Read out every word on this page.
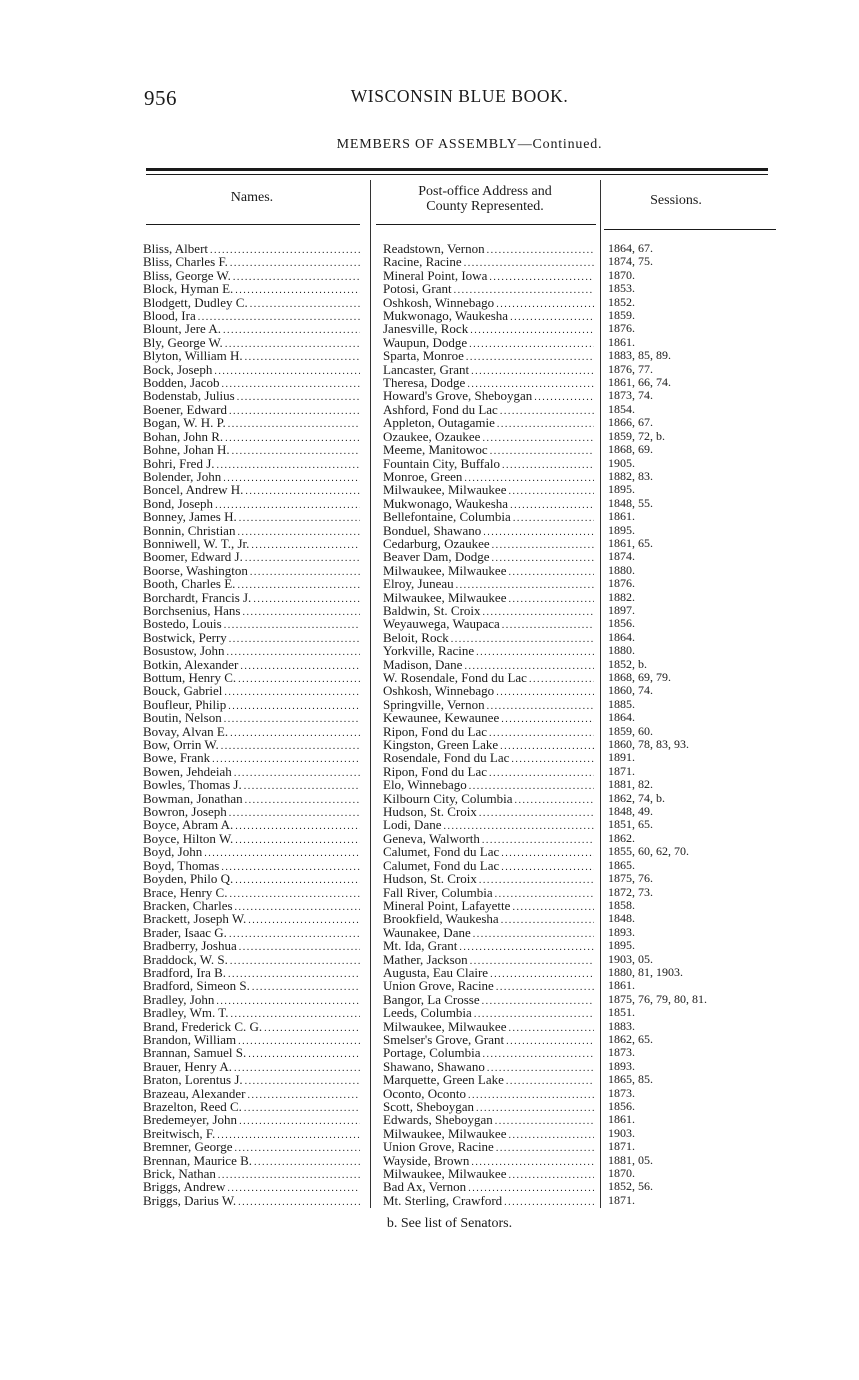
956	WISCONSIN BLUE BOOK.
MEMBERS OF ASSEMBLY—Continued.
Names.	Post-office Address and
County Represented.	Sessions.
Bliss, Albert . . .	Readstown, Vernon . . .	1864, 67.
Bliss, Charles F. . . .	Racine, Racine . . .	1874, 75.
Bliss, George W. . . .	Mineral Point, Iowa . . .	1870.
Block, Hyman E. . . .	Potosi, Grant . . .	1853.
Blodgett, Dudley C. . . .	Oshkosh, Winnebago . . .	1852.
Blood, Ira . . .	Mukwonago, Waukesha . . .	1859.
Blount, Jere A. . . .	Janesville, Rock . . .	1876.
Bly, George W. . . .	Waupun, Dodge . . .	1861.
Blyton, William H. . . .	Sparta, Monroe . . .	1883, 85, 89.
Bock, Joseph . . .	Lancaster, Grant . . .	1876, 77.
Bodden, Jacob . . .	Theresa, Dodge . . .	1861, 66, 74.
Bodenstab, Julius . . .	Howard's Grove, Sheboygan . . .	1873, 74.
Boener, Edward . . .	Ashford, Fond du Lac . . .	1854.
Bogan, W. H. P. . . .	Appleton, Outagamie . . .	1866, 67.
Bohan, John R. . . .	Ozaukee, Ozaukee . . .	1859, 72, b.
Bohne, Johan H. . . .	Meeme, Manitowoc . . .	1868, 69.
Bohri, Fred J. . . .	Fountain City, Buffalo . . .	1905.
Bolender, John . . .	Monroe, Green . . .	1882, 83.
Boncel, Andrew H. . . .	Milwaukee, Milwaukee . . .	1895.
Bond, Joseph . . .	Mukwonago, Waukesha . . .	1848, 55.
Bonney, James H. . . .	Bellefontaine, Columbia . . .	1861.
Bonnin, Christian . . .	Bonduel, Shawano . . .	1895.
Bonniwell, W. T., Jr. . . .	Cedarburg, Ozaukee . . .	1861, 65.
Boomer, Edward J. . . .	Beaver Dam, Dodge . . .	1874.
Boorse, Washington . . .	Milwaukee, Milwaukee . . .	1880.
Booth, Charles E. . . .	Elroy, Juneau . . .	1876.
Borchardt, Francis J. . . .	Milwaukee, Milwaukee . . .	1882.
Borchsenius, Hans . . .	Baldwin, St. Croix . . .	1897.
Bostedo, Louis . . .	Weyauwega, Waupaca . . .	1856.
Bostwick, Perry . . .	Beloit, Rock . . .	1864.
Bosustow, John . . .	Yorkville, Racine . . .	1880.
Botkin, Alexander . . .	Madison, Dane . . .	1852, b.
Bottum, Henry C. . . .	W. Rosendale, Fond du Lac . . .	1868, 69, 79.
Bouck, Gabriel . . .	Oshkosh, Winnebago . . .	1860, 74.
Boufleur, Philip . . .	Springville, Vernon . . .	1885.
Boutin, Nelson . . .	Kewaunee, Kewaunee . . .	1864.
Bovay, Alvan E. . . .	Ripon, Fond du Lac . . .	1859, 60.
Bow, Orrin W. . . .	Kingston, Green Lake . . .	1860, 78, 83, 93.
Bowe, Frank . . .	Rosendale, Fond du Lac . . .	1891.
Bowen, Jehdeiah . . .	Ripon, Fond du Lac . . .	1871.
Bowles, Thomas J. . . .	Elo, Winnebago . . .	1881, 82.
Bowman, Jonathan . . .	Kilbourn City, Columbia . . .	1862, 74, b.
Bowron, Joseph . . .	Hudson, St. Croix . . .	1848, 49.
Boyce, Abram A. . . .	Lodi, Dane . . .	1851, 65.
Boyce, Hilton W. . . .	Geneva, Walworth . . .	1862.
Boyd, John . . .	Calumet, Fond du Lac . . .	1855, 60, 62, 70.
Boyd, Thomas . . .	Calumet, Fond du Lac . . .	1865.
Boyden, Philo Q. . . .	Hudson, St. Croix . . .	1875, 76.
Brace, Henry C. . . .	Fall River, Columbia . . .	1872, 73.
Bracken, Charles . . .	Mineral Point, Lafayette . . .	1858.
Brackett, Joseph W. . . .	Brookfield, Waukesha . . .	1848.
Brader, Isaac G. . . .	Waunakee, Dane . . .	1893.
Bradberry, Joshua . . .	Mt. Ida, Grant . . .	1895.
Braddock, W. S. . . .	Mather, Jackson . . .	1903, 05.
Bradford, Ira B. . . .	Augusta, Eau Claire . . .	1880, 81, 1903.
Bradford, Simeon S. . . .	Union Grove, Racine . . .	1861.
Bradley, John . . .	Bangor, La Crosse . . .	1875, 76, 79, 80, 81.
Bradley, Wm. T. . . .	Leeds, Columbia . . .	1851.
Brand, Frederick C. G. . . .	Milwaukee, Milwaukee . . .	1883.
Brandon, William . . .	Smelser's Grove, Grant . . .	1862, 65.
Brannan, Samuel S. . . .	Portage, Columbia . . .	1873.
Brauer, Henry A. . . .	Shawano, Shawano . . .	1893.
Braton, Lorentus J. . . .	Marquette, Green Lake . . .	1865, 85.
Brazeau, Alexander . . .	Oconto, Oconto . . .	1873.
Brazelton, Reed C. . . .	Scott, Sheboygan . . .	1856.
Bredemeyer, John . . .	Edwards, Sheboygan . . .	1861.
Breitwisch, F. . . .	Milwaukee, Milwaukee . . .	1903.
Bremner, George . . .	Union Grove, Racine . . .	1871.
Brennan, Maurice B. . . .	Wayside, Brown . . .	1881, 05.
Brick, Nathan . . .	Milwaukee, Milwaukee . . .	1870.
Briggs, Andrew . . .	Bad Ax, Vernon . . .	1852, 56.
Briggs, Darius W. . . .	Mt. Sterling, Crawford . . .	1871.
b. See list of Senators.
